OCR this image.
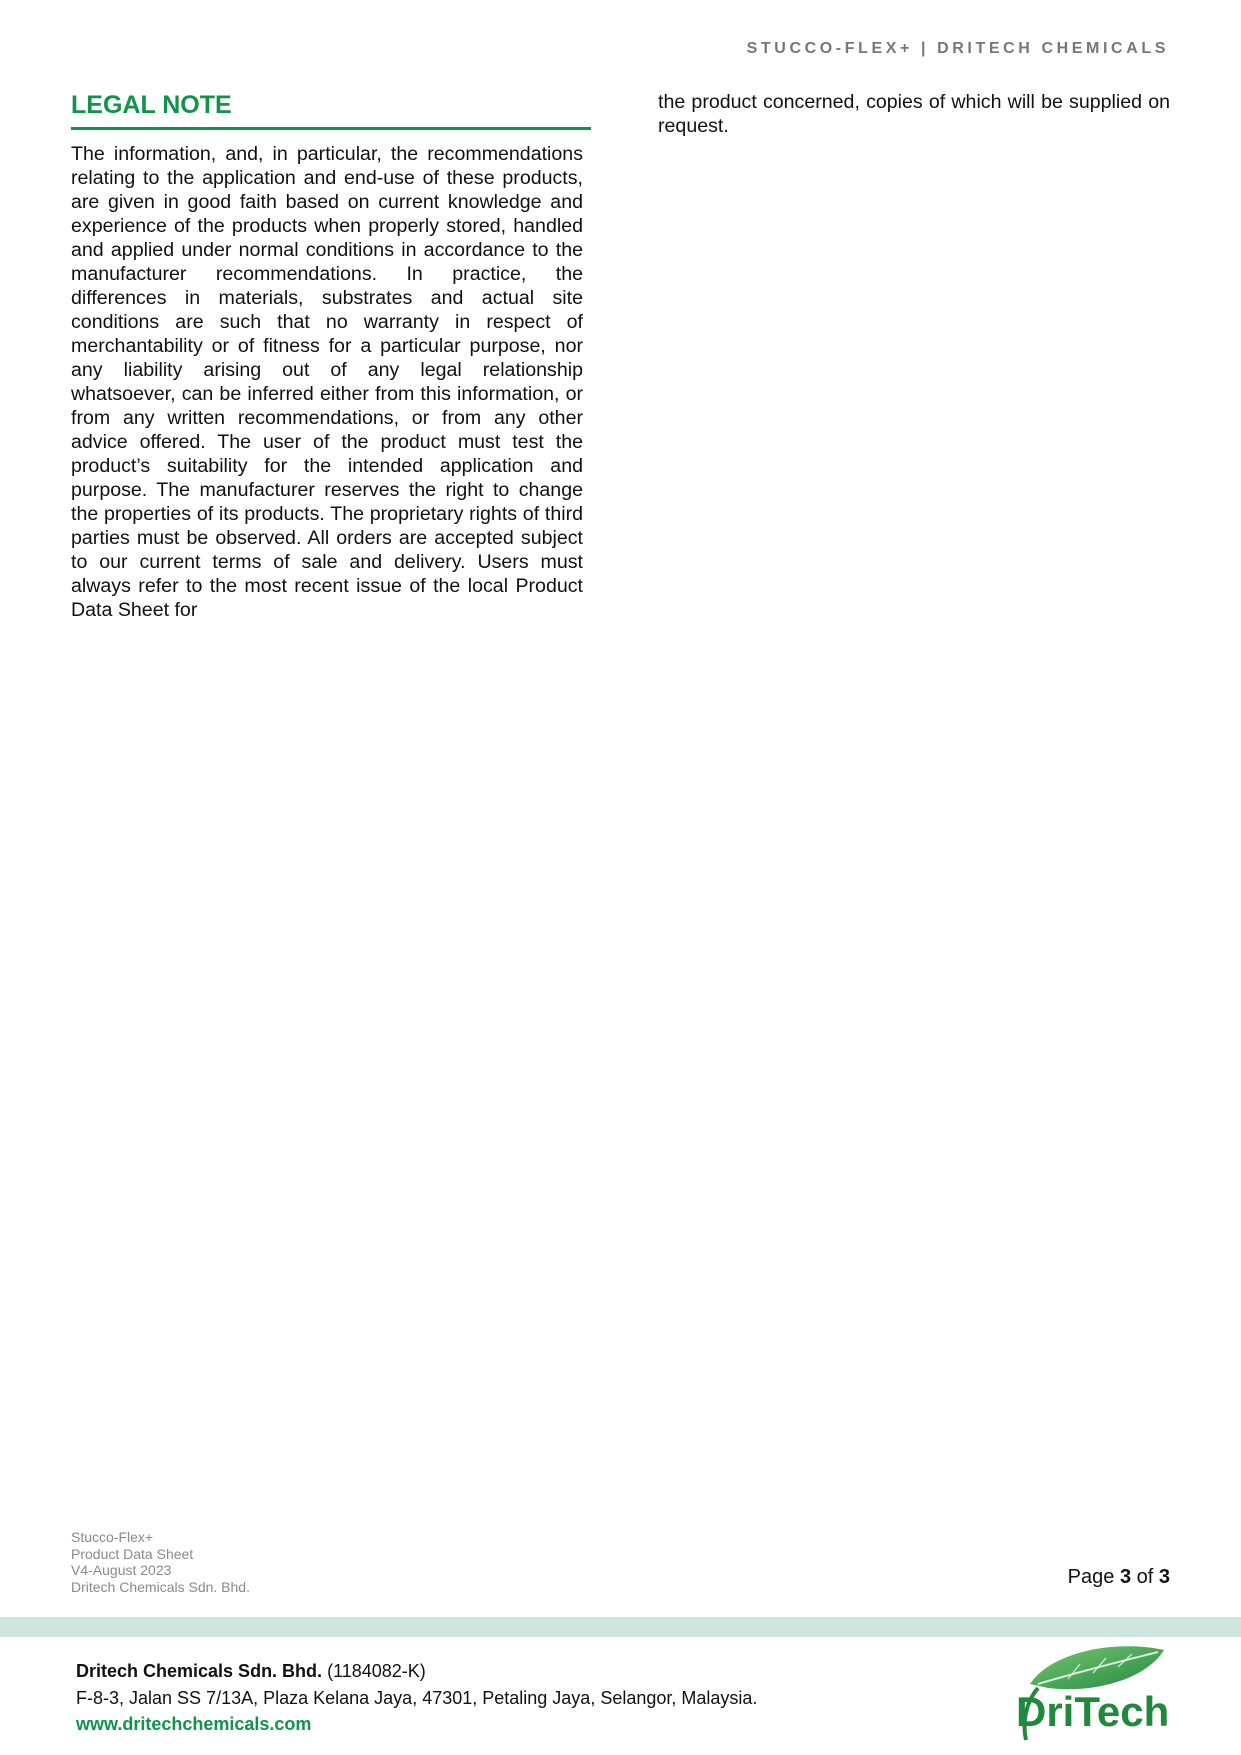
STUCCO-FLEX+ | DRITECH CHEMICALS
LEGAL NOTE

The information, and, in particular, the recommendations relating to the application and end-use of these products, are given in good faith based on current knowledge and experience of the products when properly stored, handled and applied under normal conditions in accordance to the manufacturer recommendations. In practice, the differences in materials, substrates and actual site conditions are such that no warranty in respect of merchantability or of fitness for a particular purpose, nor any liability arising out of any legal relationship whatsoever, can be inferred either from this information, or from any written recommendations, or from any other advice offered. The user of the product must test the product’s suitability for the intended application and purpose. The manufacturer reserves the right to change the properties of its products. The proprietary rights of third parties must be observed. All orders are accepted subject to our current terms of sale and delivery. Users must always refer to the most recent issue of the local Product Data Sheet for

the product concerned, copies of which will be supplied on request.

Stucco-Flex+
Product Data Sheet
V4-August 2023
Dritech Chemicals Sdn. Bhd.	Page 3 of 3
Dritech Chemicals Sdn. Bhd. (1184082-K)
F-8-3, Jalan SS 7/13A, Plaza Kelana Jaya, 47301, Petaling Jaya, Selangor, Malaysia.
www.dritechchemicals.com	DriTech
